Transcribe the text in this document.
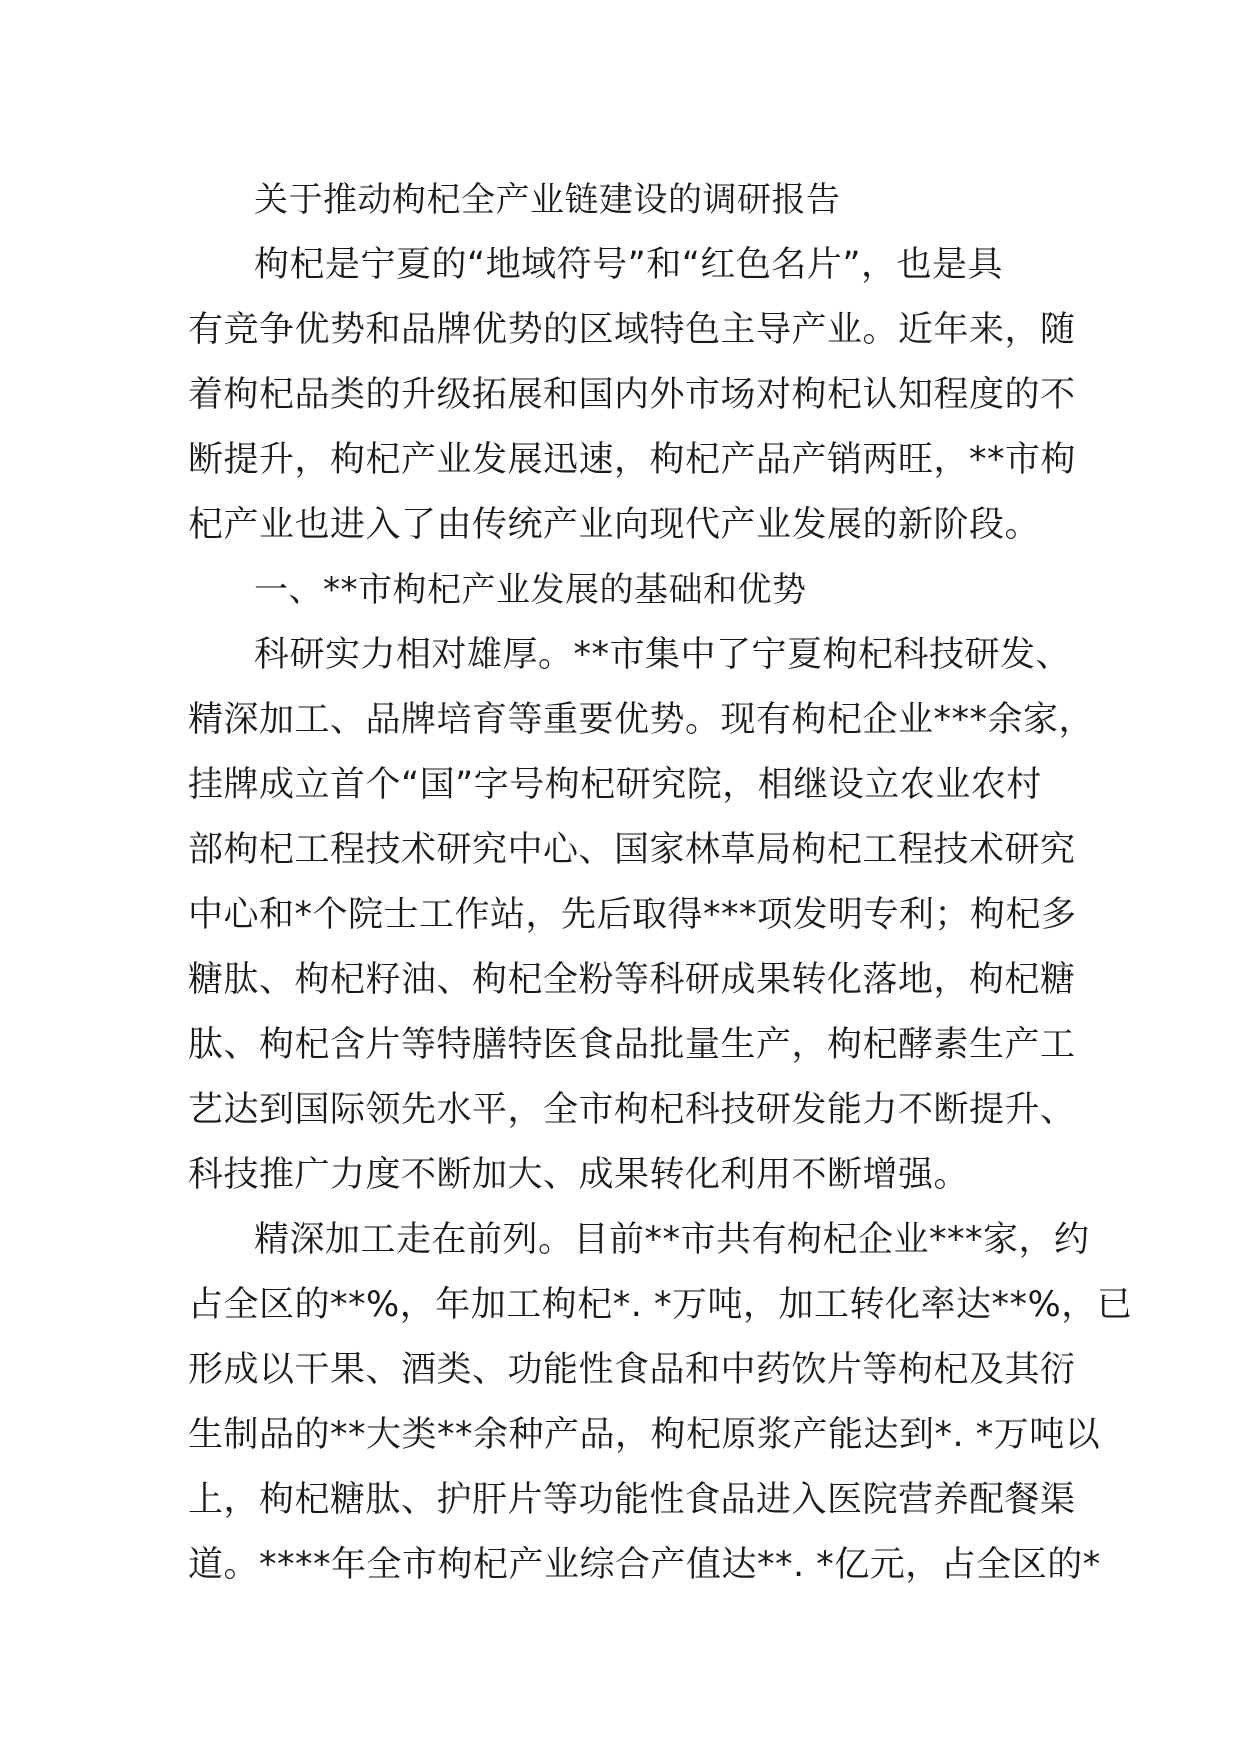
关于推动枸杞全产业链建设的调研报告
枸杞是宁夏的“地域符号”和“红色名片”，也是具
有竞争优势和品牌优势的区域特色主导产业。近年来，随
着枸杞品类的升级拓展和国内外市场对枸杞认知程度的不
断提升，枸杞产业发展迅速，枸杞产品产销两旺，**市枸
杞产业也进入了由传统产业向现代产业发展的新阶段。
一、**市枸杞产业发展的基础和优势
科研实力相对雄厚。**市集中了宁夏枸杞科技研发、
精深加工、品牌培育等重要优势。现有枸杞企业***余家，
挂牌成立首个“国”字号枸杞研究院，相继设立农业农村
部枸杞工程技术研究中心、国家林草局枸杞工程技术研究
中心和*个院士工作站，先后取得***项发明专利；枸杞多
糖肽、枸杞籽油、枸杞全粉等科研成果转化落地，枸杞糖
肽、枸杞含片等特膳特医食品批量生产，枸杞酵素生产工
艺达到国际领先水平，全市枸杞科技研发能力不断提升、
科技推广力度不断加大、成果转化利用不断增强。
精深加工走在前列。目前**市共有枸杞企业***家，约
占全区的**%，年加工枸杞*. *万吨，加工转化率达**%，已
形成以干果、酒类、功能性食品和中药饮片等枸杞及其衍
生制品的**大类**余种产品，枸杞原浆产能达到*. *万吨以
上，枸杞糖肽、护肝片等功能性食品进入医院营养配餐渠
道。****年全市枸杞产业综合产值达**. *亿元，占全区的*
